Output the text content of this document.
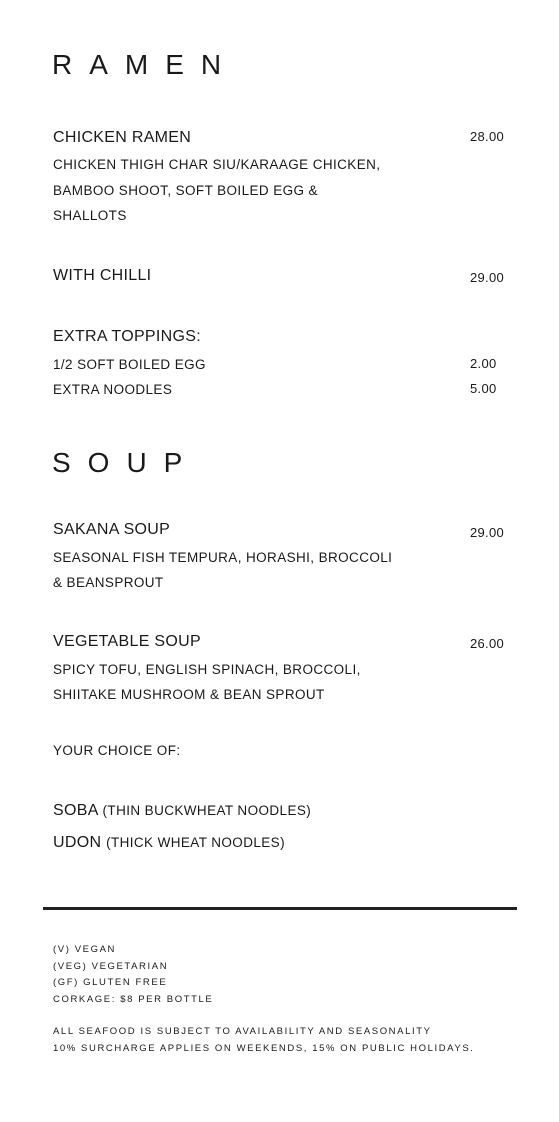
RAMEN
CHICKEN RAMEN	28.00
CHICKEN THIGH CHAR SIU/KARAAGE CHICKEN,
BAMBOO SHOOT, SOFT BOILED EGG &
SHALLOTS
WITH CHILLI	29.00
EXTRA TOPPINGS:
1/2 SOFT BOILED EGG	2.00
EXTRA NOODLES	5.00
SOUP
SAKANA SOUP	29.00
SEASONAL FISH TEMPURA, HORASHI, BROCCOLI
& BEANSPROUT
VEGETABLE SOUP	26.00
SPICY TOFU, ENGLISH SPINACH, BROCCOLI,
SHIITAKE MUSHROOM & BEAN SPROUT
YOUR CHOICE OF:
SOBA (THIN BUCKWHEAT NOODLES)
UDON (THICK WHEAT NOODLES)
(V) VEGAN
(VEG) VEGETARIAN
(GF) GLUTEN FREE
CORKAGE: $8 PER BOTTLE
ALL SEAFOOD IS SUBJECT TO AVAILABILITY AND SEASONALITY
10% SURCHARGE APPLIES ON WEEKENDS, 15% ON PUBLIC HOLIDAYS.
